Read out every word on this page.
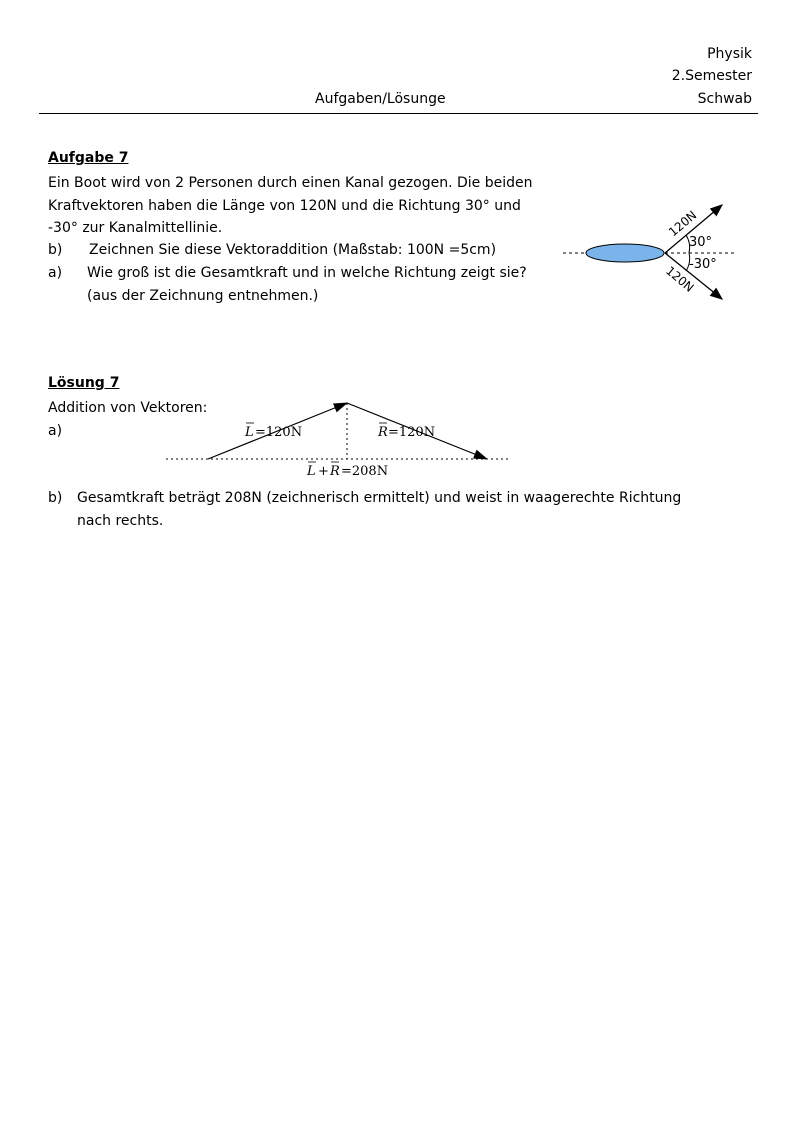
Physik
2.Semester
Schwab
Aufgaben/Lösunge
Aufgabe 7
Ein Boot wird von 2 Personen durch einen Kanal gezogen. Die beiden
Kraftvektoren haben die Länge von 120N und die Richtung 30° und
-30° zur Kanalmittellinie.
b) Zeichnen Sie diese Vektoraddition (Maßstab: 100N =5cm)
a) Wie groß ist die Gesamtkraft und in welche Richtung zeigt sie?
(aus der Zeichnung entnehmen.)
120N
120N
30°
-30°
Lösung 7
Addition von Vektoren:
a)	L =120N	R =120N
L + R =208N
b) Gesamtkraft beträgt 208N (zeichnerisch ermittelt) und weist in waagerechte Richtung
nach rechts.
